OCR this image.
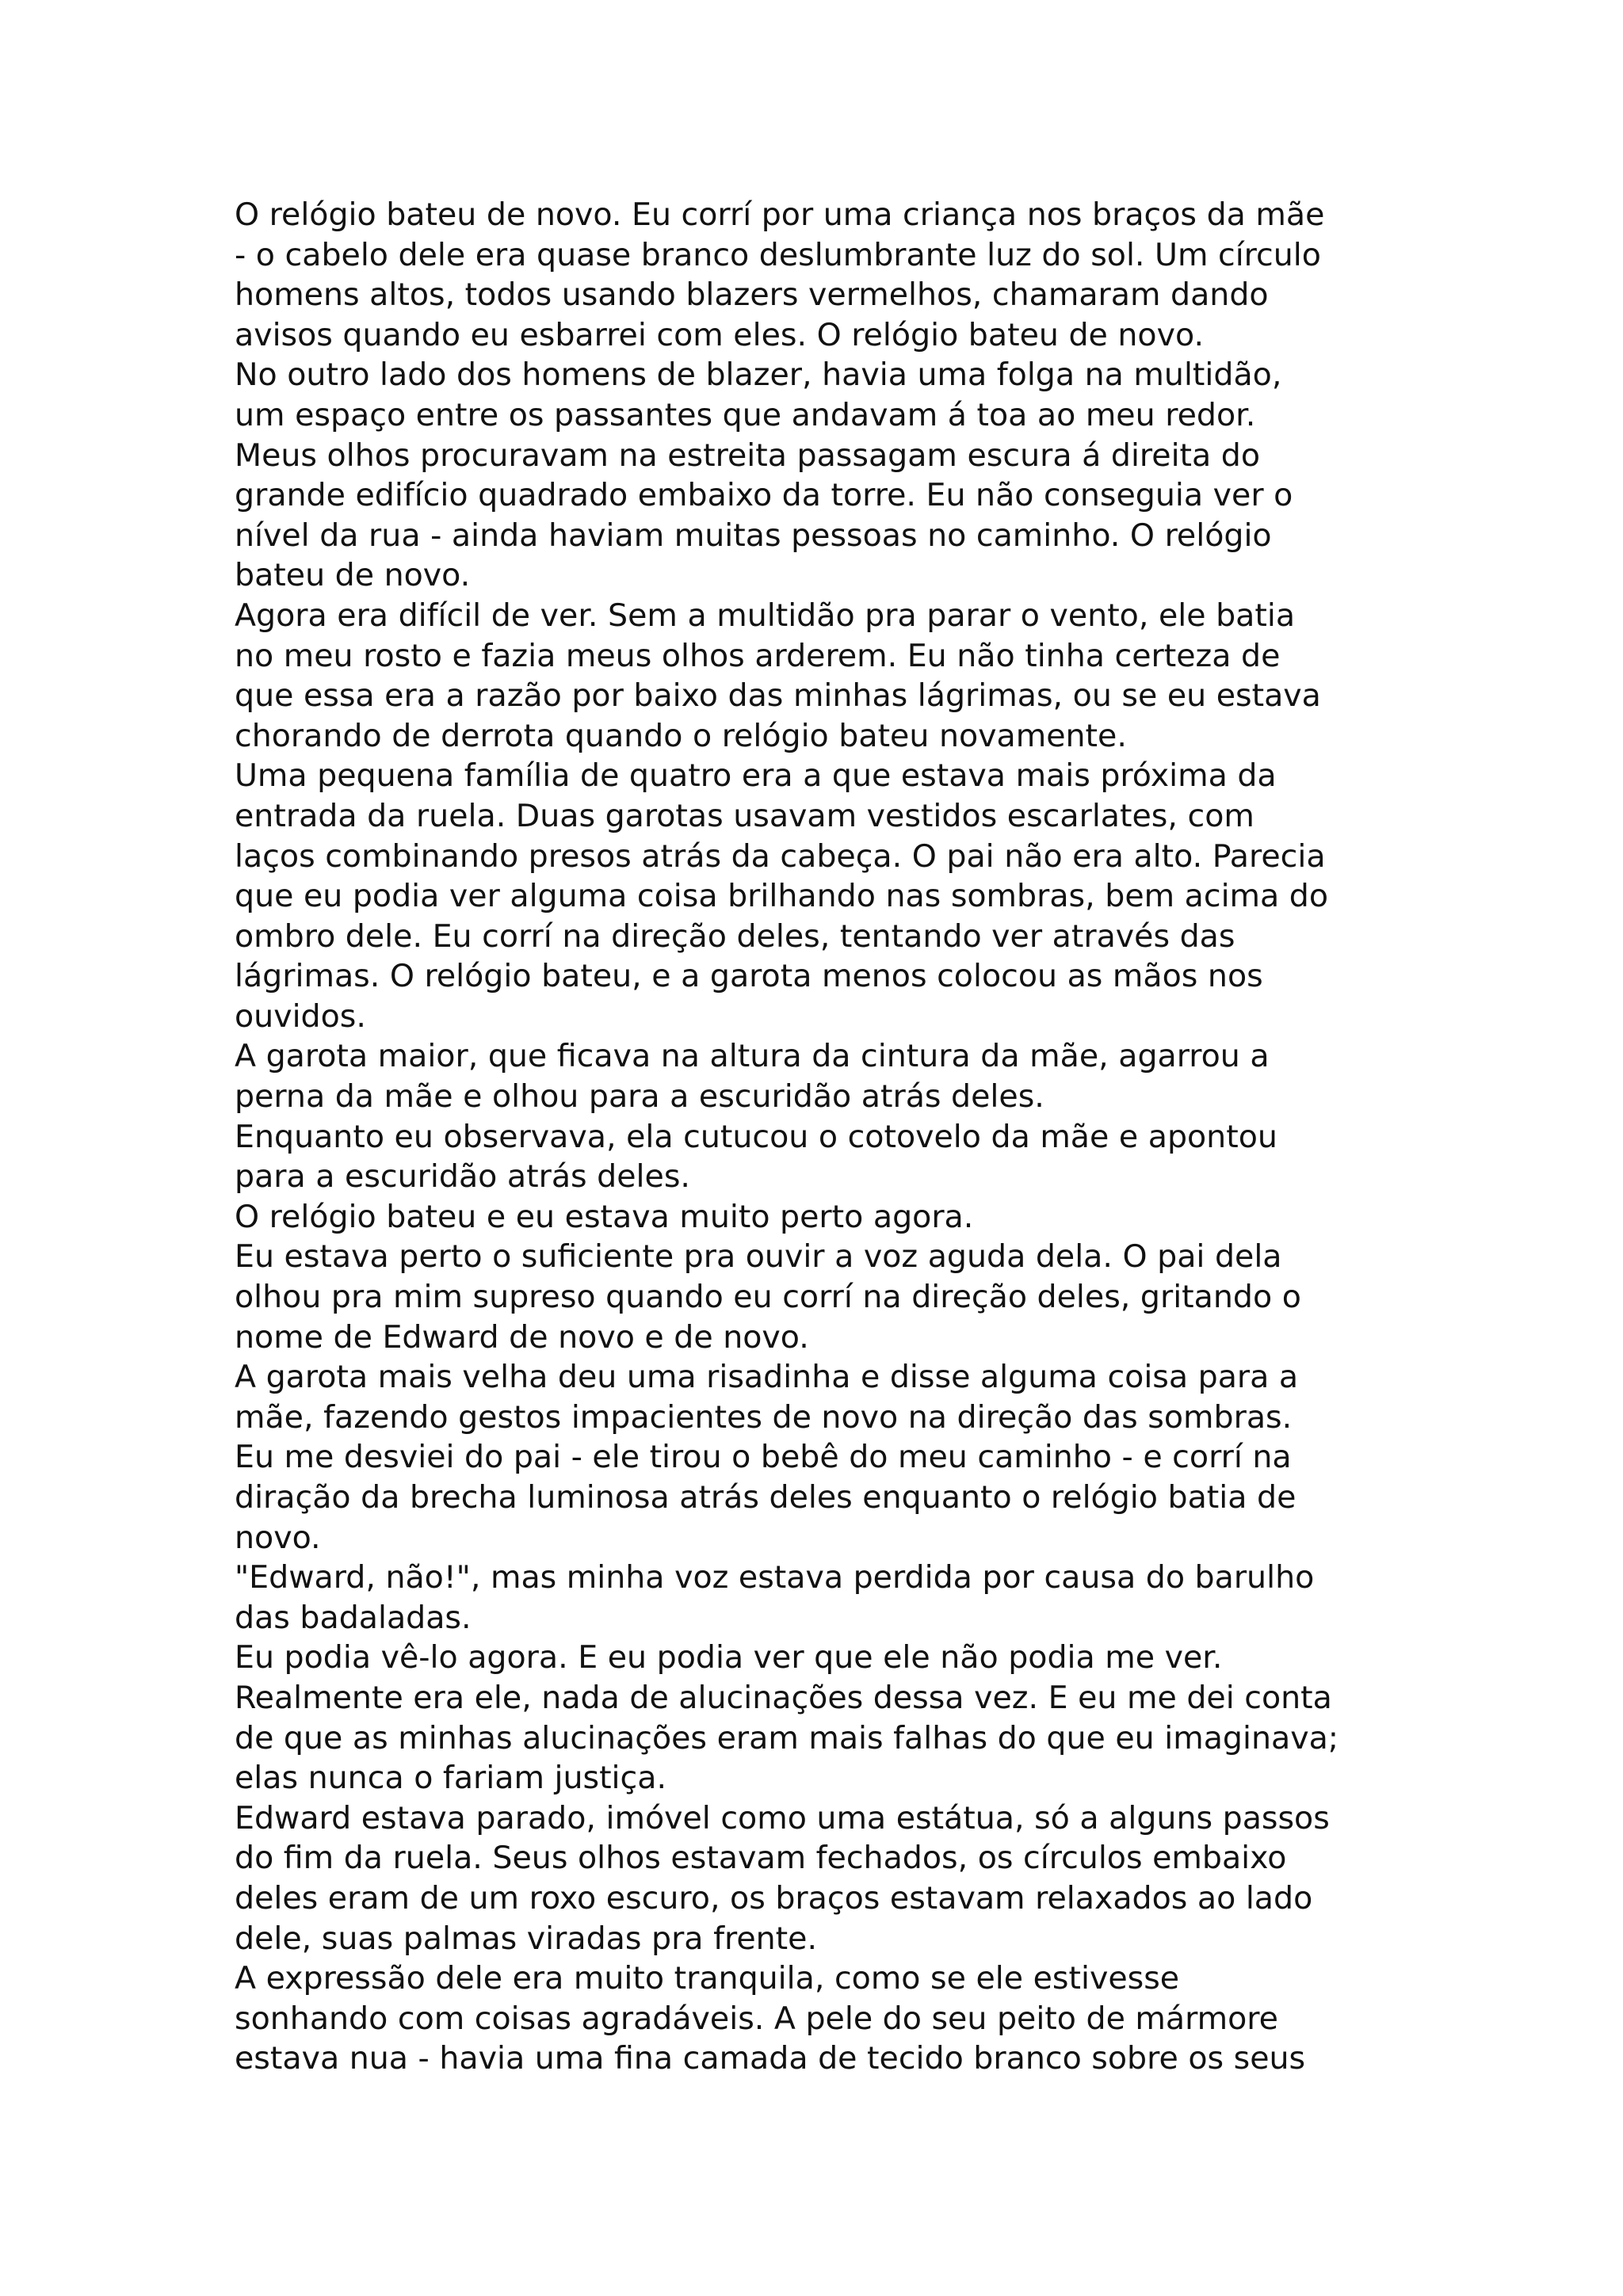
O relógio bateu de novo. Eu corrí por uma criança nos braços da mãe
- o cabelo dele era quase branco deslumbrante luz do sol. Um círculo
homens altos, todos usando blazers vermelhos, chamaram dando
avisos quando eu esbarrei com eles. O relógio bateu de novo.
No outro lado dos homens de blazer, havia uma folga na multidão,
um espaço entre os passantes que andavam á toa ao meu redor.
Meus olhos procuravam na estreita passagam escura á direita do
grande edifício quadrado embaixo da torre. Eu não conseguia ver o
nível da rua - ainda haviam muitas pessoas no caminho. O relógio
bateu de novo.
Agora era difícil de ver. Sem a multidão pra parar o vento, ele batia
no meu rosto e fazia meus olhos arderem. Eu não tinha certeza de
que essa era a razão por baixo das minhas lágrimas, ou se eu estava
chorando de derrota quando o relógio bateu novamente.
Uma pequena família de quatro era a que estava mais próxima da
entrada da ruela. Duas garotas usavam vestidos escarlates, com
laços combinando presos atrás da cabeça. O pai não era alto. Parecia
que eu podia ver alguma coisa brilhando nas sombras, bem acima do
ombro dele. Eu corrí na direção deles, tentando ver através das
lágrimas. O relógio bateu, e a garota menos colocou as mãos nos
ouvidos.
A garota maior, que ficava na altura da cintura da mãe, agarrou a
perna da mãe e olhou para a escuridão atrás deles.
Enquanto eu observava, ela cutucou o cotovelo da mãe e apontou
para a escuridão atrás deles.
O relógio bateu e eu estava muito perto agora.
Eu estava perto o suficiente pra ouvir a voz aguda dela. O pai dela
olhou pra mim supreso quando eu corrí na direção deles, gritando o
nome de Edward de novo e de novo.
A garota mais velha deu uma risadinha e disse alguma coisa para a
mãe, fazendo gestos impacientes de novo na direção das sombras.
Eu me desviei do pai - ele tirou o bebê do meu caminho - e corrí na
diração da brecha luminosa atrás deles enquanto o relógio batia de
novo.
"Edward, não!", mas minha voz estava perdida por causa do barulho
das badaladas.
Eu podia vê-lo agora. E eu podia ver que ele não podia me ver.
Realmente era ele, nada de alucinações dessa vez. E eu me dei conta
de que as minhas alucinações eram mais falhas do que eu imaginava;
elas nunca o fariam justiça.
Edward estava parado, imóvel como uma estátua, só a alguns passos
do fim da ruela. Seus olhos estavam fechados, os círculos embaixo
deles eram de um roxo escuro, os braços estavam relaxados ao lado
dele, suas palmas viradas pra frente.
A expressão dele era muito tranquila, como se ele estivesse
sonhando com coisas agradáveis. A pele do seu peito de mármore
estava nua - havia uma fina camada de tecido branco sobre os seus
